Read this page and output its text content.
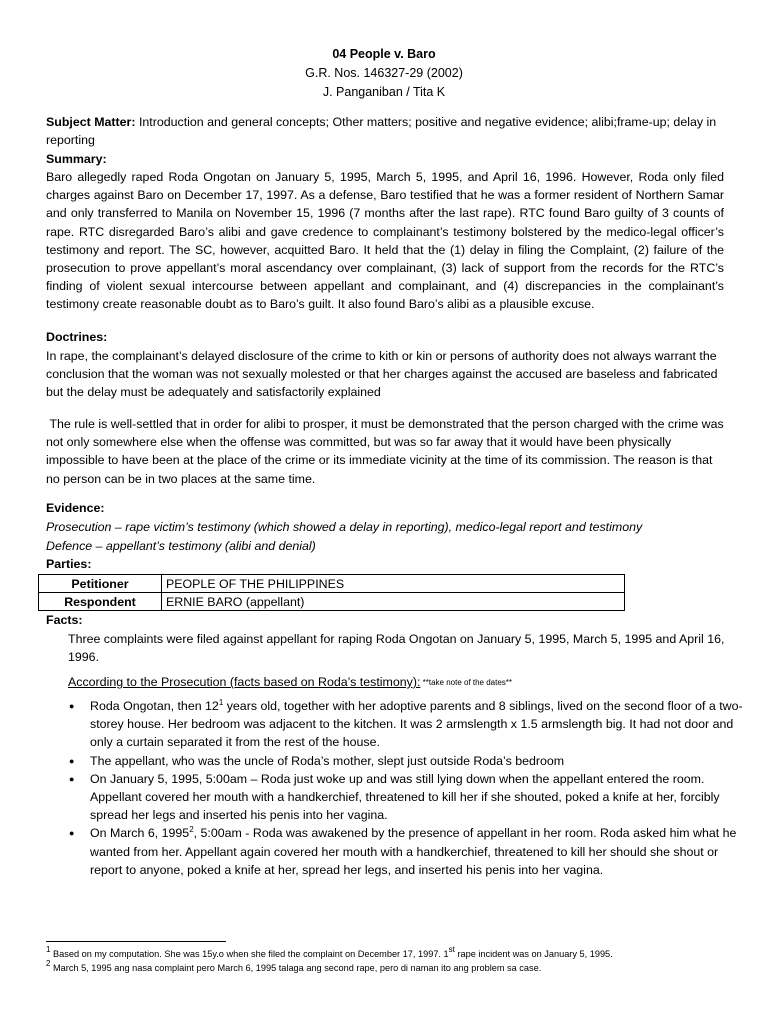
04 People v. Baro
G.R. Nos. 146327-29 (2002)
J. Panganiban / Tita K
Subject Matter: Introduction and general concepts; Other matters; positive and negative evidence; alibi;frame-up; delay in reporting
Summary:
Baro allegedly raped Roda Ongotan on January 5, 1995, March 5, 1995, and April 16, 1996. However, Roda only filed charges against Baro on December 17, 1997. As a defense, Baro testified that he was a former resident of Northern Samar and only transferred to Manila on November 15, 1996 (7 months after the last rape). RTC found Baro guilty of 3 counts of rape. RTC disregarded Baro’s alibi and gave credence to complainant’s testimony bolstered by the medico-legal officer’s testimony and report. The SC, however, acquitted Baro. It held that the (1) delay in filing the Complaint, (2) failure of the prosecution to prove appellant’s moral ascendancy over complainant, (3) lack of support from the records for the RTC’s finding of violent sexual intercourse between appellant and complainant, and (4) discrepancies in the complainant’s testimony create reasonable doubt as to Baro’s guilt. It also found Baro’s alibi as a plausible excuse.
Doctrines:
In rape, the complainant’s delayed disclosure of the crime to kith or kin or persons of authority does not always warrant the conclusion that the woman was not sexually molested or that her charges against the accused are baseless and fabricated but the delay must be adequately and satisfactorily explained
The rule is well-settled that in order for alibi to prosper, it must be demonstrated that the person charged with the crime was not only somewhere else when the offense was committed, but was so far away that it would have been physically impossible to have been at the place of the crime or its immediate vicinity at the time of its commission. The reason is that no person can be in two places at the same time.
Evidence:
Prosecution – rape victim’s testimony (which showed a delay in reporting), medico-legal report and testimony
Defence – appellant’s testimony (alibi and denial)
Parties:
Petitioner	PEOPLE OF THE PHILIPPINES
Respondent	ERNIE BARO (appellant)
Facts:
Three complaints were filed against appellant for raping Roda Ongotan on January 5, 1995, March 5, 1995 and April 16, 1996.
According to the Prosecution (facts based on Roda’s testimony): **take note of the dates**
● Roda Ongotan, then $12^1$ years old, together with her adoptive parents and 8 siblings, lived on the second floor of a two-storey house. Her bedroom was adjacent to the kitchen. It was 2 armslength x 1.5 armslength big. It had not door and only a curtain separated it from the rest of the house.
● The appellant, who was the uncle of Roda’s mother, slept just outside Roda’s bedroom
● On January 5, 1995, 5:00am – Roda just woke up and was still lying down when the appellant entered the room. Appellant covered her mouth with a handkerchief, threatened to kill her if she shouted, poked a knife at her, forcibly spread her legs and inserted his penis into her vagina.
● On March 6, 1995$^2$, 5:00am - Roda was awakened by the presence of appellant in her room. Roda asked him what he wanted from her. Appellant again covered her mouth with a handkerchief, threatened to kill her should she shout or report to anyone, poked a knife at her, spread her legs, and inserted his penis into her vagina.
$^1$ Based on my computation. She was 15y.o when she filed the complaint on December 17, 1997. 1st rape incident was on January 5, 1995.
$^2$ March 5, 1995 ang nasa complaint pero March 6, 1995 talaga ang second rape, pero di naman ito ang problem sa case.
